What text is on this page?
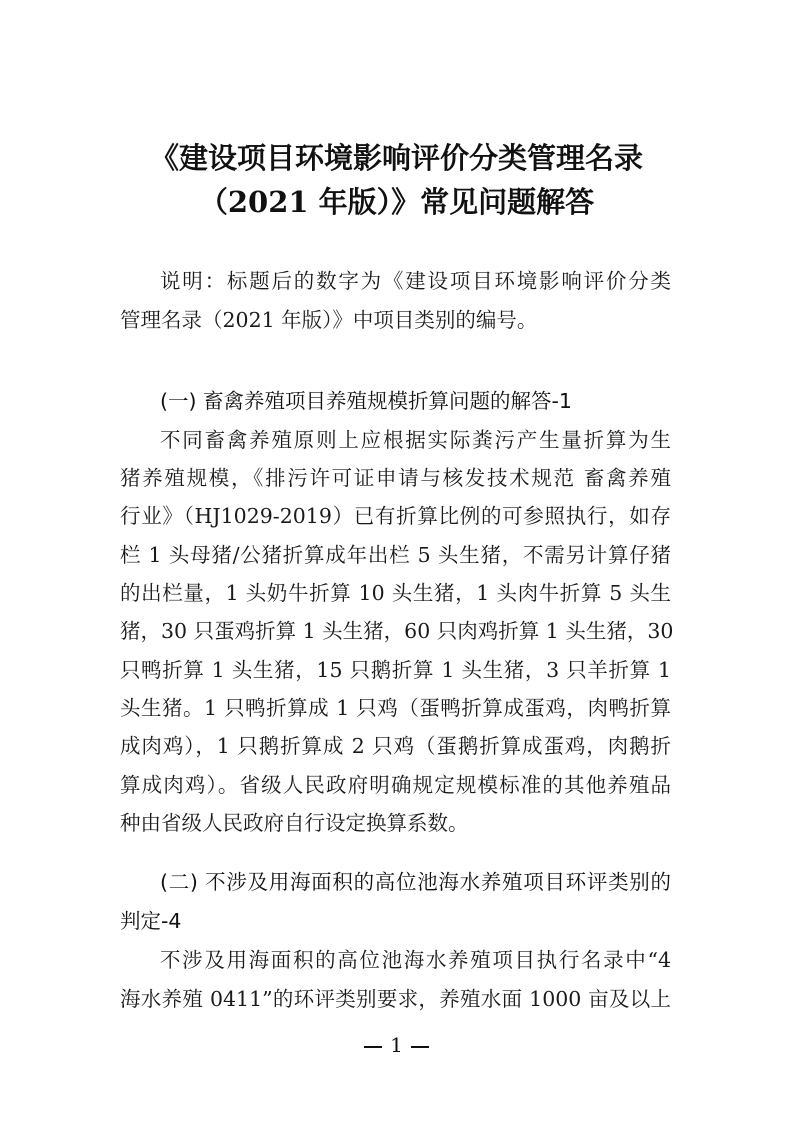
《建设项目环境影响评价分类管理名录
（2021 年版）》常见问题解答
说明：标题后的数字为《建设项目环境影响评价分类
管理名录（2021 年版）》中项目类别的编号。
(一) 畜禽养殖项目养殖规模折算问题的解答-1
不同畜禽养殖原则上应根据实际粪污产生量折算为生
猪养殖规模，《排污许可证申请与核发技术规范 畜禽养殖
行业》（HJ1029-2019）已有折算比例的可参照执行，如存
栏 1 头母猪/公猪折算成年出栏 5 头生猪，不需另计算仔猪
的出栏量，1 头奶牛折算 10 头生猪，1 头肉牛折算 5 头生
猪，30 只蛋鸡折算 1 头生猪，60 只肉鸡折算 1 头生猪，30
只鸭折算 1 头生猪，15 只鹅折算 1 头生猪，3 只羊折算 1
头生猪。1 只鸭折算成 1 只鸡（蛋鸭折算成蛋鸡，肉鸭折算
成肉鸡），1 只鹅折算成 2 只鸡（蛋鹅折算成蛋鸡，肉鹅折
算成肉鸡）。省级人民政府明确规定规模标准的其他养殖品
种由省级人民政府自行设定换算系数。
(二) 不涉及用海面积的高位池海水养殖项目环评类别的
判定-4
不涉及用海面积的高位池海水养殖项目执行名录中“4
海水养殖 0411”的环评类别要求，养殖水面 1000 亩及以上
1
